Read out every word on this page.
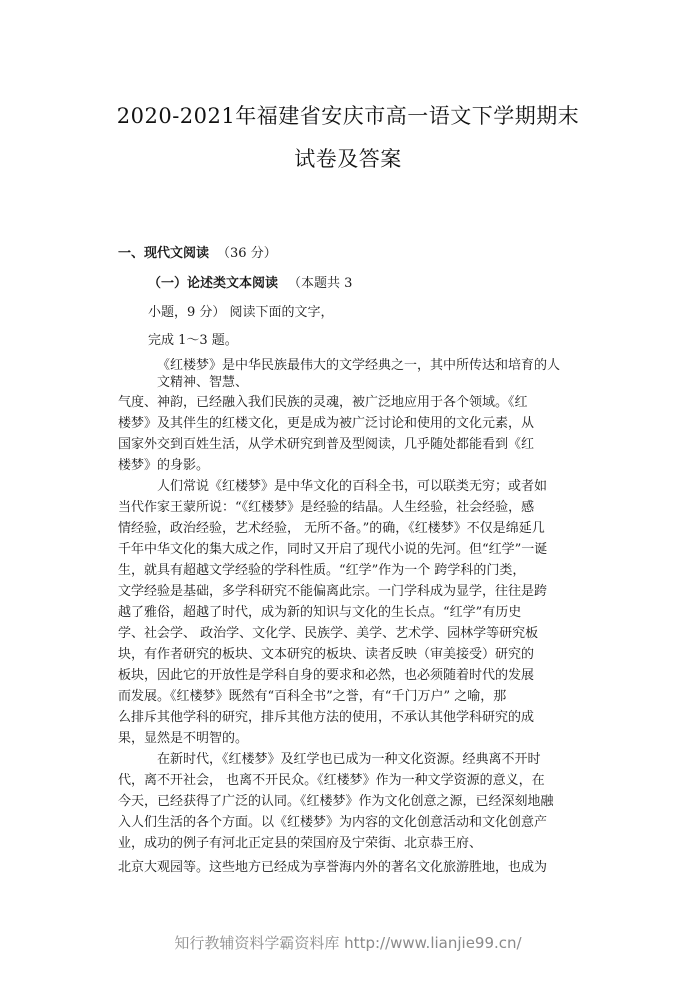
2020-2021年福建省安庆市高一语文下学期期末
试卷及答案
一、现代文阅读 （36 分）
（一）论述类文本阅读 （本题共 3
小题，9 分） 阅读下面的文字，
完成 1～3 题。
《红楼梦》是中华民族最伟大的文学经典之一，其中所传达和培育的人
文精神、智慧、
气度、神韵，已经融入我们民族的灵魂，被广泛地应用于各个领域。《红
楼梦》及其伴生的红楼文化，更是成为被广泛讨论和使用的文化元素，从
国家外交到百姓生活，从学术研究到普及型阅读，几乎随处都能看到《红
楼梦》的身影。
人们常说《红楼梦》是中华文化的百科全书，可以联类无穷；或者如
当代作家王蒙所说：“《红楼梦》是经验的结晶。人生经验，社会经验，感
情经验，政治经验，艺术经验， 无所不备。”的确，《红楼梦》不仅是绵延几
千年中华文化的集大成之作，同时又开启了现代小说的先河。但“红学”一诞
生，就具有超越文学经验的学科性质。“红学”作为一个 跨学科的门类，
文学经验是基础，多学科研究不能偏离此宗。一门学科成为显学，往往是跨
越了雅俗，超越了时代，成为新的知识与文化的生长点。“红学”有历史
学、社会学、 政治学、文化学、民族学、美学、艺术学、园林学等研究板
块，有作者研究的板块、文本研究的板块、读者反映（审美接受）研究的
板块，因此它的开放性是学科自身的要求和必然，也必须随着时代的发展
而发展。《红楼梦》既然有“百科全书”之誉，有“千门万户” 之喻，那
么排斥其他学科的研究，排斥其他方法的使用，不承认其他学科研究的成
果，显然是不明智的。
在新时代，《红楼梦》及红学也已成为一种文化资源。经典离不开时
代，离不开社会， 也离不开民众。《红楼梦》作为一种文学资源的意义，在
今天，已经获得了广泛的认同。《红楼梦》作为文化创意之源，已经深刻地融
入人们生活的各个方面。以《红楼梦》为内容的文化创意活动和文化创意产
业，成功的例子有河北正定县的荣国府及宁荣街、北京恭王府、
北京大观园等。这些地方已经成为享誉海内外的著名文化旅游胜地，也成为
知行教辅资料学霸资料库 http://www.lianjie99.cn/
